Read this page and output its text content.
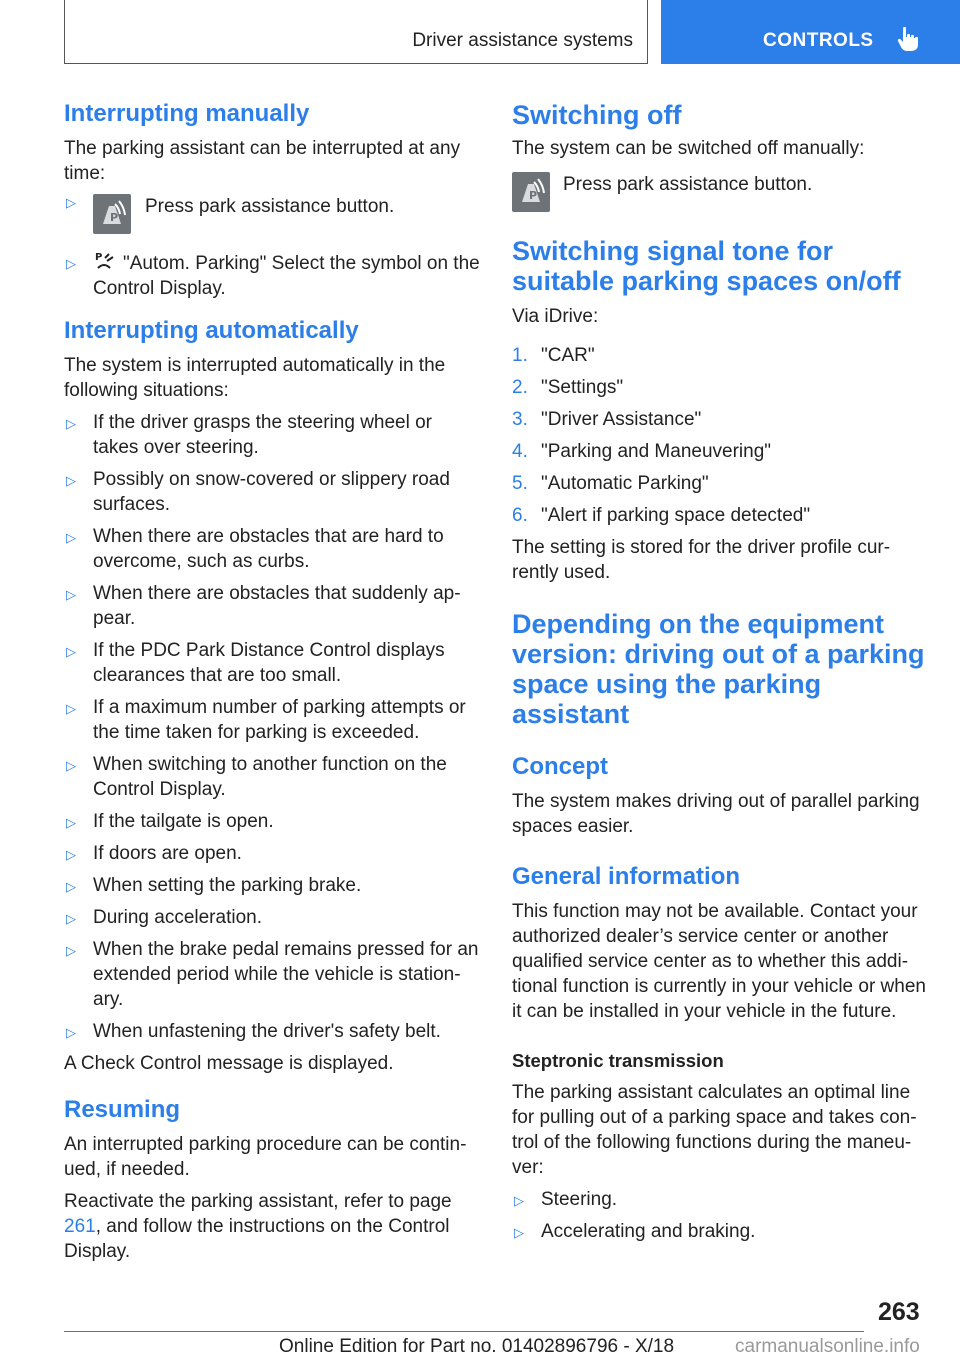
Driver assistance systems	CONTROLS
Interrupting manually

The parking assistant can be interrupted at any time:

▷
P

Press park assistance button.

▷ P "Autom. Parking" Select the symbol on the Control Display.
Interrupting automatically

The system is interrupted automatically in the following situations:

▷ If the driver grasps the steering wheel or takes over steering.
▷ Possibly on snow-covered or slippery road surfaces.
▷ When there are obstacles that are hard to overcome, such as curbs.
▷ When there are obstacles that suddenly ap‐pear.
▷ If the PDC Park Distance Control displays clearances that are too small.
▷ If a maximum number of parking attempts or the time taken for parking is exceeded.
▷ When switching to another function on the Control Display.
▷ If the tailgate is open.
▷ If doors are open.
▷ When setting the parking brake.
▷ During acceleration.
▷ When the brake pedal remains pressed for an extended period while the vehicle is station‐ary.
▷ When unfastening the driver's safety belt.

A Check Control message is displayed.

Resuming

An interrupted parking procedure can be contin‐ued, if needed.

Reactivate the parking assistant, refer to page 261, and follow the instructions on the Control Display.

Switching off

The system can be switched off manually:

P

Press park assistance button.

Switching signal tone for suitable parking spaces on/off

Via iDrive:

1. "CAR"
2. "Settings"
3. "Driver Assistance"
4. "Parking and Maneuvering"
5. "Automatic Parking"
6. "Alert if parking space detected"

The setting is stored for the driver profile cur‐rently used.

Depending on the equipment version: driving out of a parking space using the parking assistant
Concept

The system makes driving out of parallel parking spaces easier.

General information

This function may not be available. Contact your authorized dealer’s service center or another qualified service center as to whether this addi‐tional function is currently in your vehicle or when it can be installed in your vehicle in the future.

Steptronic transmission

The parking assistant calculates an optimal line for pulling out of a parking space and takes con‐trol of the following functions during the maneu‐ver:

▷ Steering.
▷ Accelerating and braking.
263
Online Edition for Part no. 01402896796 - X/18	carmanualsonline.info
